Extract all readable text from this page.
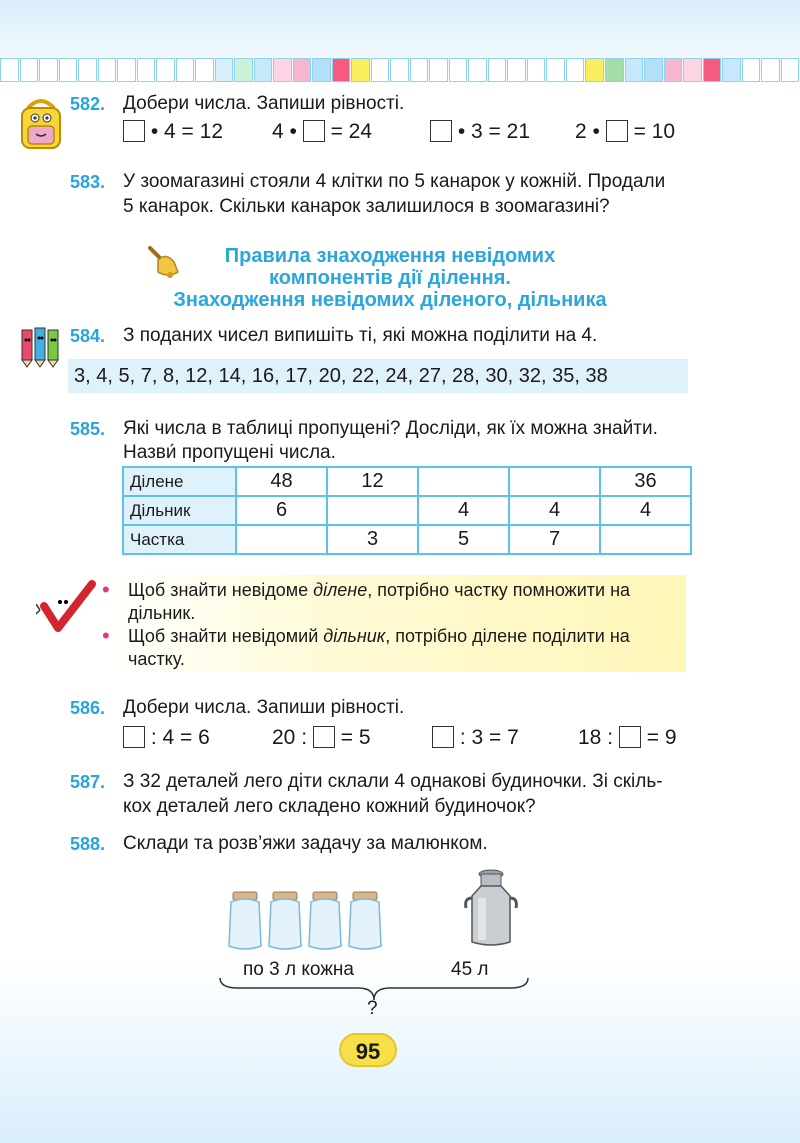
582. Добери числа. Запиши рівності.
• 4 = 12 4 • = 24	• 3 = 21 2 • = 10
583. У зоомагазині стояли 4 клітки по 5 канарок у кожній. Продали
5 канарок. Скільки канарок залишилося в зоомагазині?
Правила знаходження невідомих
компонентів дії ділення.
Знаходження невідомих діленого, дільника
584. З поданих чисел випишіть ті, які можна поділити на 4.
3, 4, 5, 7, 8, 12, 14, 16, 17, 20, 22, 24, 27, 28, 30, 32, 35, 38
585. Які числа в таблиці пропущені? Досліди, як їх можна знайти.
Назви́ пропущені числа.
Ділене	48	12			36
Дільник	6		4	4	4
Частка		3	5	7	
• Щоб знайти невідоме ділене, потрібно частку помножити на
дільник.

• Щоб знайти невідомий дільник, потрібно ділене поділити на
частку.

586. Добери числа. Запиши рівності.
: 4 = 6	20 : = 5	: 3 = 7	18 : = 9
587. З 32 деталей лего діти склали 4 однакові будиночки. Зі скіль-
кох деталей лего складено кожний будиночок?
588. Склади та розв’яжи задачу за малюнком.
по 3 л кожна	45 л
?
95
